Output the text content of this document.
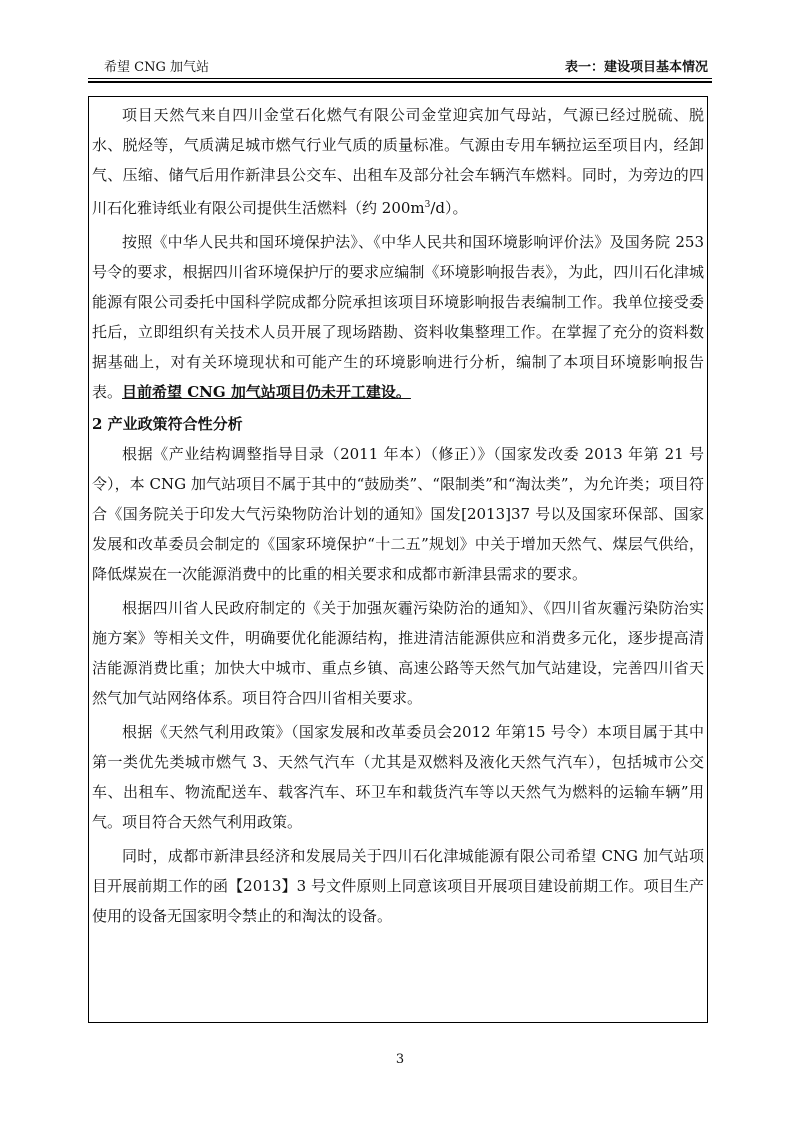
希望 CNG 加气站	表一：建设项目基本情况

项目天然气来自四川金堂石化燃气有限公司金堂迎宾加气母站，气源已经过脱硫、脱水、脱烃等，气质满足城市燃气行业气质的质量标准。气源由专用车辆拉运至项目内，经卸气、压缩、储气后用作新津县公交车、出租车及部分社会车辆汽车燃料。同时，为旁边的四川石化雅诗纸业有限公司提供生活燃料（约 $200m^3/d$）。

按照《中华人民共和国环境保护法》、《中华人民共和国环境影响评价法》及国务院 253 号令的要求，根据四川省环境保护厅的要求应编制《环境影响报告表》，为此，四川石化津城能源有限公司委托中国科学院成都分院承担该项目环境影响报告表编制工作。我单位接受委托后，立即组织有关技术人员开展了现场踏勘、资料收集整理工作。在掌握了充分的资料数据基础上，对有关环境现状和可能产生的环境影响进行分析，编制了本项目环境影响报告表。目前希望 CNG 加气站项目仍未开工建设。

2 产业政策符合性分析

根据《产业结构调整指导目录（2011 年本）（修正）》（国家发改委 2013 年第 21 号令），本 CNG 加气站项目不属于其中的“鼓励类”、“限制类”和“淘汰类”，为允许类；项目符合《国务院关于印发大气污染物防治计划的通知》国发[2013]37 号以及国家环保部、国家发展和改革委员会制定的《国家环境保护“十二五”规划》中关于增加天然气、煤层气供给，降低煤炭在一次能源消费中的比重的相关要求和成都市新津县需求的要求。

根据四川省人民政府制定的《关于加强灰霾污染防治的通知》、《四川省灰霾污染防治实施方案》等相关文件，明确要优化能源结构，推进清洁能源供应和消费多元化，逐步提高清洁能源消费比重；加快大中城市、重点乡镇、高速公路等天然气加气站建设，完善四川省天然气加气站网络体系。项目符合四川省相关要求。

根据《天然气利用政策》（国家发展和改革委员会2012 年第15 号令）本项目属于其中第一类优先类城市燃气 3、天然气汽车（尤其是双燃料及液化天然气汽车），包括城市公交车、出租车、物流配送车、载客汽车、环卫车和载货汽车等以天然气为燃料的运输车辆”用气。项目符合天然气利用政策。

同时，成都市新津县经济和发展局关于四川石化津城能源有限公司希望 CNG 加气站项目开展前期工作的函【2013】3 号文件原则上同意该项目开展项目建设前期工作。项目生产使用的设备无国家明令禁止的和淘汰的设备。

3
